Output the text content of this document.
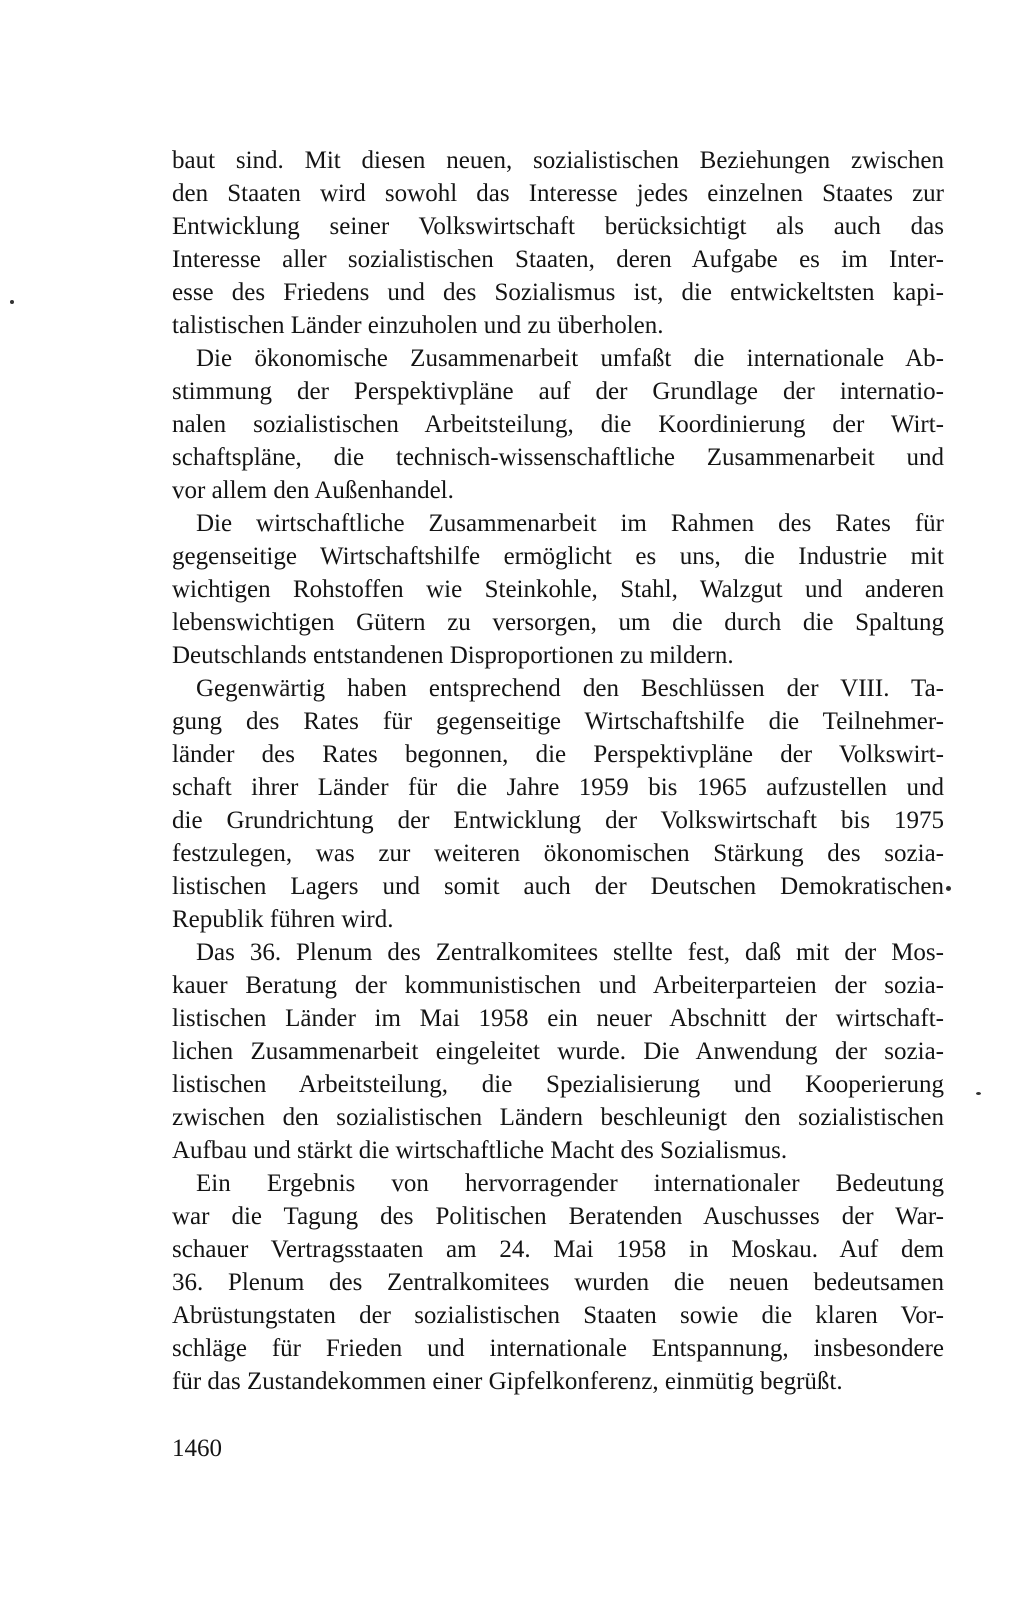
baut sind. Mit diesen neuen, sozialistischen Beziehungen zwischen
den Staaten wird sowohl das Interesse jedes einzelnen Staates zur
Entwicklung seiner Volkswirtschaft berücksichtigt als auch das
Interesse aller sozialistischen Staaten, deren Aufgabe es im Inter-
esse des Friedens und des Sozialismus ist, die entwickeltsten kapi-
talistischen Länder einzuholen und zu überholen.
Die ökonomische Zusammenarbeit umfaßt die internationale Ab-
stimmung der Perspektivpläne auf der Grundlage der internatio-
nalen sozialistischen Arbeitsteilung, die Koordinierung der Wirt-
schaftspläne, die technisch-wissenschaftliche Zusammenarbeit und
vor allem den Außenhandel.
Die wirtschaftliche Zusammenarbeit im Rahmen des Rates für
gegenseitige Wirtschaftshilfe ermöglicht es uns, die Industrie mit
wichtigen Rohstoffen wie Steinkohle, Stahl, Walzgut und anderen
lebenswichtigen Gütern zu versorgen, um die durch die Spaltung
Deutschlands entstandenen Disproportionen zu mildern.
Gegenwärtig haben entsprechend den Beschlüssen der VIII. Ta-
gung des Rates für gegenseitige Wirtschaftshilfe die Teilnehmer-
länder des Rates begonnen, die Perspektivpläne der Volkswirt-
schaft ihrer Länder für die Jahre 1959 bis 1965 aufzustellen und
die Grundrichtung der Entwicklung der Volkswirtschaft bis 1975
festzulegen, was zur weiteren ökonomischen Stärkung des sozia-
listischen Lagers und somit auch der Deutschen Demokratischen
Republik führen wird.
Das 36. Plenum des Zentralkomitees stellte fest, daß mit der Mos-
kauer Beratung der kommunistischen und Arbeiterparteien der sozia-
listischen Länder im Mai 1958 ein neuer Abschnitt der wirtschaft-
lichen Zusammenarbeit eingeleitet wurde. Die Anwendung der sozia-
listischen Arbeitsteilung, die Spezialisierung und Kooperierung
zwischen den sozialistischen Ländern beschleunigt den sozialistischen
Aufbau und stärkt die wirtschaftliche Macht des Sozialismus.
Ein Ergebnis von hervorragender internationaler Bedeutung
war die Tagung des Politischen Beratenden Auschusses der War-
schauer Vertragsstaaten am 24. Mai 1958 in Moskau. Auf dem
36. Plenum des Zentralkomitees wurden die neuen bedeutsamen
Abrüstungstaten der sozialistischen Staaten sowie die klaren Vor-
schläge für Frieden und internationale Entspannung, insbesondere
für das Zustandekommen einer Gipfelkonferenz, einmütig begrüßt.
1460
